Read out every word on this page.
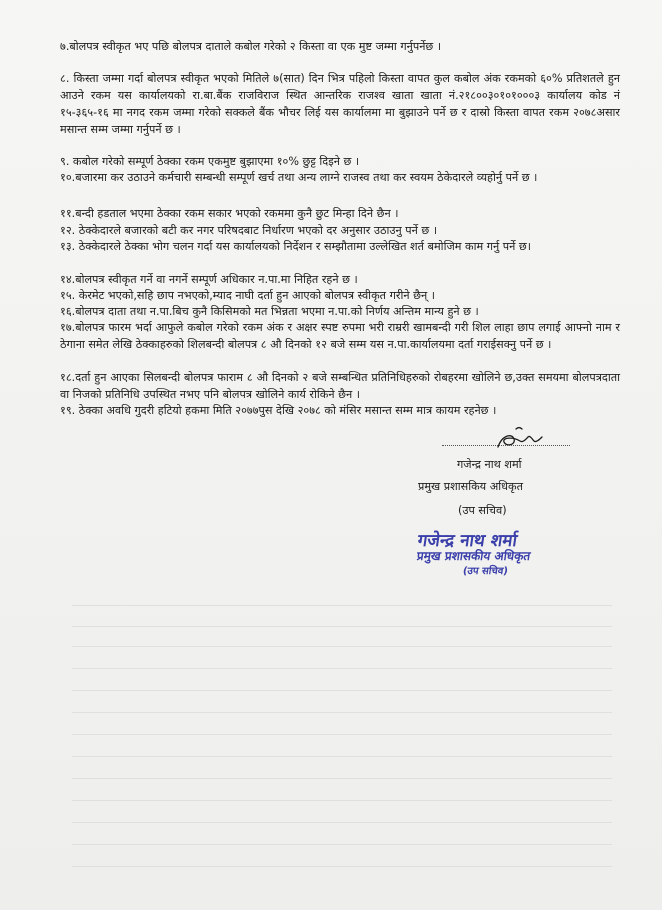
७.बोलपत्र स्वीकृत भए पछि बोलपत्र दाताले कबोल गरेको २ किस्ता वा एक मुष्ट जम्मा गर्नुपर्नेछ ।
८. किस्ता जम्मा गर्दा बोलपत्र स्वीकृत भएको मितिले ७(सात) दिन भित्र पहिलो किस्ता वापत कुल कबोल अंक रकमको ६०% प्रतिशतले हुन आउने रकम यस कार्यालयको रा.बा.बैंक राजविराज स्थित आन्तरिक राजश्व खाता खाता नं.२१८००३०१०१०००३ कार्यालय कोड नं १५-३६५-१६ मा नगद रकम जम्मा गरेको सक्कले बैंक भौचर लिई यस कार्यालमा मा बुझाउने पर्ने छ र दास्रो किस्ता वापत रकम २०७८असार मसान्त सम्म जम्मा गर्नुपर्ने छ ।
९. कबोल गरेको सम्पूर्ण ठेक्का रकम एकमुष्ट बुझाएमा १०% छुट्ट दिइने छ ।
१०.बजारमा कर उठाउने कर्मचारी सम्बन्धी सम्पूर्ण खर्च तथा अन्य लाग्ने राजस्व तथा कर स्वयम ठेकेदारले व्यहोर्नु पर्ने छ ।
११.बन्दी हडताल भएमा ठेक्का रकम सकार भएको रकममा कुनै छुट मिन्हा दिने छैन ।
१२. ठेक्केदारले बजारको बटी कर नगर परिषदबाट निर्धारण भएको दर अनुसार उठाउनु पर्ने छ ।
१३. ठेक्केदारले ठेक्का भोग चलन गर्दा यस कार्यालयको निर्देशन र सम्झौतामा उल्लेखित शर्त बमोजिम काम गर्नु पर्ने छ।
१४.बोलपत्र स्वीकृत गर्ने वा नगर्ने सम्पूर्ण अधिकार न.पा.मा निहित रहने छ ।
१५. केरमेट भएको,सहि छाप नभएको,म्याद नाघी दर्ता हुन आएको बोलपत्र स्वीकृत गरीने छैन् ।
१६.बोलपत्र दाता तथा न.पा.बिच कुनै किसिमको मत भिन्नता भएमा न.पा.को निर्णय अन्तिम मान्य हुने छ ।
१७.बोलपत्र फारम भर्दा आफुले कबोल गरेको रकम अंक र अक्षर स्पष्ट रुपमा भरी राम्ररी खामबन्दी गरी शिल लाहा छाप लगाई आफ्नो नाम र ठेगाना समेत लेखि ठेक्काहरुको शिलबन्दी बोलपत्र ८ औ दिनको १२ बजे सम्म यस न.पा.कार्यालयमा दर्ता गराईसक्नु पर्ने छ ।
१८.दर्ता हुन आएका सिलबन्दी बोलपत्र फाराम ८ औ दिनको २ बजे सम्बन्धित प्रतिनिधिहरुको रोबहरमा खोलिने छ,उक्त समयमा बोलपत्रदाता वा निजको प्रतिनिधि उपस्थित नभए पनि बोलपत्र खोलिने कार्य रोकिने छैन ।
१९. ठेक्का अवधि गुदरी हटियो हकमा मिति २०७७पुस देखि २०७८ को मंसिर मसान्त सम्म मात्र कायम रहनेछ ।
गजेन्द्र नाथ शर्मा
प्रमुख प्रशासकिय अधिकृत
(उप सचिव)
गजेन्द्र नाथ शर्मा
प्रमुख प्रशासकीय अधिकृत
(उप सचिव)
